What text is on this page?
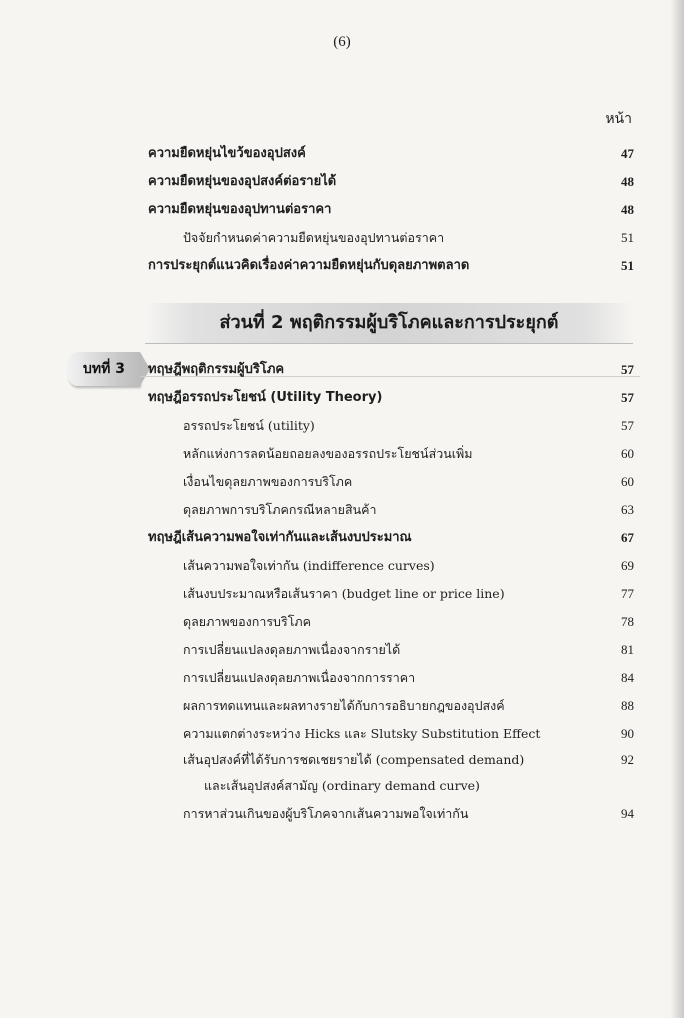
(6)
หน้า
ความยืดหยุ่นไขว้ของอุปสงค์	47
ความยืดหยุ่นของอุปสงค์ต่อรายได้	48
ความยืดหยุ่นของอุปทานต่อราคา	48
ปัจจัยกำหนดค่าความยืดหยุ่นของอุปทานต่อราคา	51
การประยุกต์แนวคิดเรื่องค่าความยืดหยุ่นกับดุลยภาพตลาด	51
ส่วนที่ 2 พฤติกรรมผู้บริโภคและการประยุกต์
บทที่ 3	ทฤษฎีพฤติกรรมผู้บริโภค	57
ทฤษฎีอรรถประโยชน์ (Utility Theory)	57
อรรถประโยชน์ (utility)	57
หลักแห่งการลดน้อยถอยลงของอรรถประโยชน์ส่วนเพิ่ม	60
เงื่อนไขดุลยภาพของการบริโภค	60
ดุลยภาพการบริโภคกรณีหลายสินค้า	63
ทฤษฎีเส้นความพอใจเท่ากันและเส้นงบประมาณ	67
เส้นความพอใจเท่ากัน (indifference curves)	69
เส้นงบประมาณหรือเส้นราคา (budget line or price line)	77
ดุลยภาพของการบริโภค	78
การเปลี่ยนแปลงดุลยภาพเนื่องจากรายได้	81
การเปลี่ยนแปลงดุลยภาพเนื่องจากการราคา	84
ผลการทดแทนและผลทางรายได้กับการอธิบายกฎของอุปสงค์	88
ความแตกต่างระหว่าง Hicks และ Slutsky Substitution Effect	90
เส้นอุปสงค์ที่ได้รับการชดเชยรายได้ (compensated demand)	92
และเส้นอุปสงค์สามัญ (ordinary demand curve)
การหาส่วนเกินของผู้บริโภคจากเส้นความพอใจเท่ากัน	94
